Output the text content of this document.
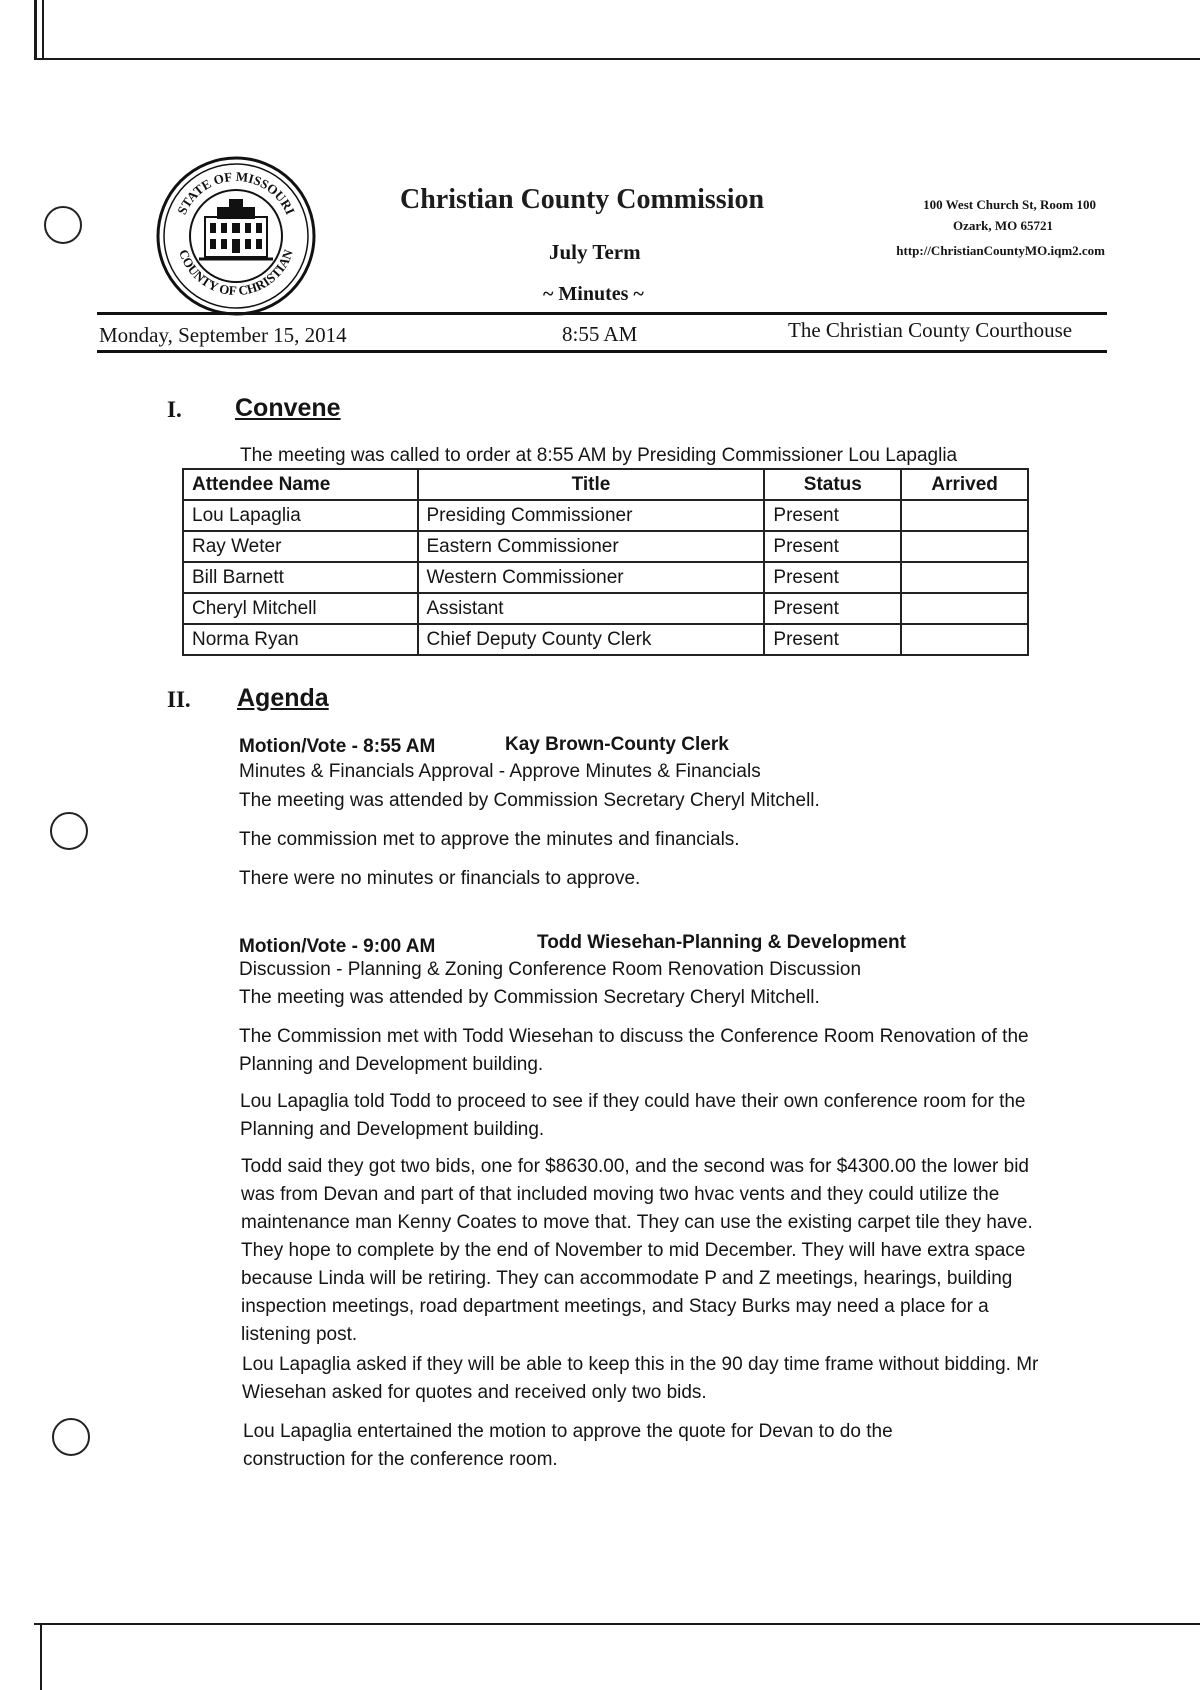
STATE OF MISSOURI
COUNTY OF CHRISTIAN
Christian County Commission
July Term
~ Minutes ~
100 West Church St, Room 100
Ozark, MO 65721
http://ChristianCountyMO.iqm2.com
Monday, September 15, 2014	8:55 AM	The Christian County Courthouse
I. Convene
The meeting was called to order at 8:55 AM by Presiding Commissioner Lou Lapaglia
Attendee Name	Title	Status	Arrived
Lou Lapaglia	Presiding Commissioner	Present	
Ray Weter	Eastern Commissioner	Present	
Bill Barnett	Western Commissioner	Present	
Cheryl Mitchell	Assistant	Present	
Norma Ryan	Chief Deputy County Clerk	Present	
II. Agenda
Motion/Vote - 8:55 AM	Kay Brown-County Clerk
Minutes & Financials Approval - Approve Minutes & Financials
The meeting was attended by Commission Secretary Cheryl Mitchell.
The commission met to approve the minutes and financials.
There were no minutes or financials to approve.
Motion/Vote - 9:00 AM	Todd Wiesehan-Planning & Development
Discussion - Planning & Zoning Conference Room Renovation Discussion
The meeting was attended by Commission Secretary Cheryl Mitchell.
The Commission met with Todd Wiesehan to discuss the Conference Room Renovation of the Planning and Development building.
Lou Lapaglia told Todd to proceed to see if they could have their own conference room for the Planning and Development building.
Todd said they got two bids, one for $8630.00, and the second was for $4300.00 the lower bid was from Devan and part of that included moving two hvac vents and they could utilize the maintenance man Kenny Coates to move that. They can use the existing carpet tile they have. They hope to complete by the end of November to mid December. They will have extra space because Linda will be retiring. They can accommodate P and Z meetings, hearings, building inspection meetings, road department meetings, and Stacy Burks may need a place for a listening post.
Lou Lapaglia asked if they will be able to keep this in the 90 day time frame without bidding. Mr Wiesehan asked for quotes and received only two bids.
Lou Lapaglia entertained the motion to approve the quote for Devan to do the construction for the conference room.
